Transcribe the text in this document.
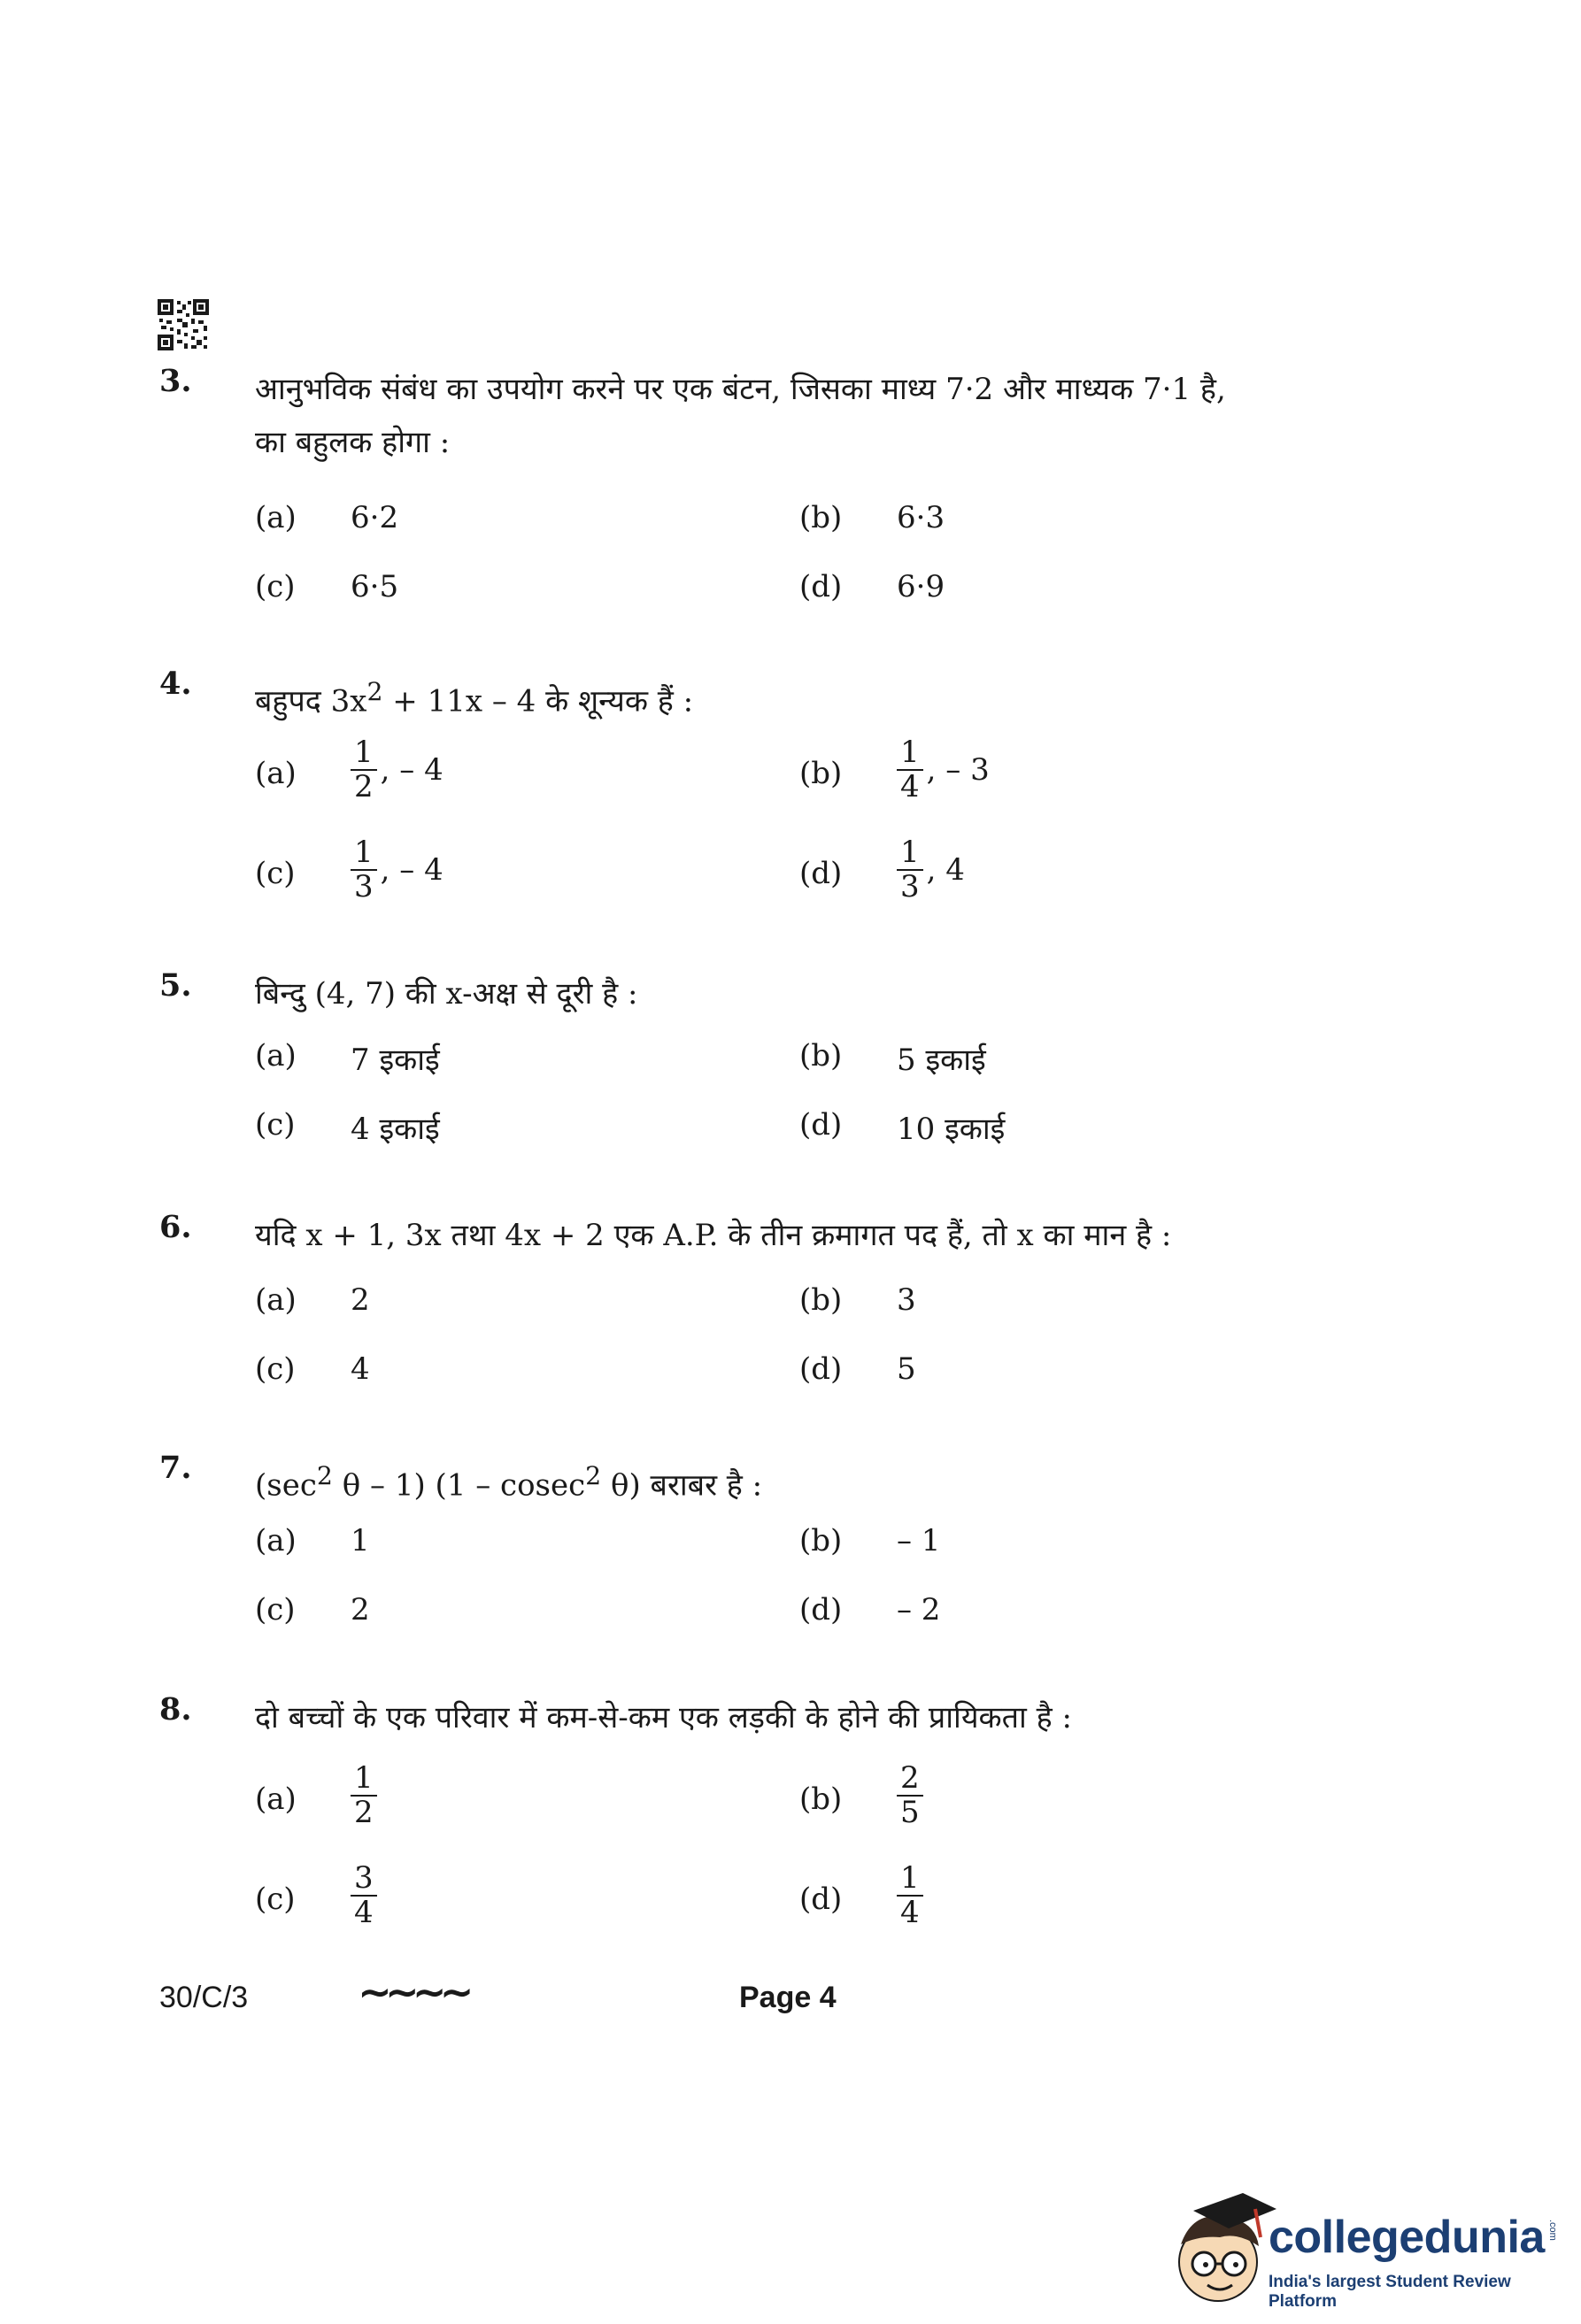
3. आनुभविक संबंध का उपयोग करने पर एक बंटन, जिसका माध्य 7·2 और माध्यक 7·1 है,
का बहुलक होगा :
(a) 6·2	(b) 6·3
(c) 6·5	(d) 6·9
4. बहुपद $3x^2 + 11x - 4$ के शून्यक हैं :
$(a) \frac{1}{2}$ , – 4	$(b) \frac{1}{4}$ , – 3
$(c) \frac{1}{3}$ , – 4	$(d) \frac{1}{3}$ , 4
5. बिन्दु (4, 7) की x-अक्ष से दूरी है :
(a) 7 इकाई	(b) 5 इकाई
(c) 4 इकाई	(d) 10 इकाई
6. यदि x + 1, 3x तथा 4x + 2 एक A.P. के तीन क्रमागत पद हैं, तो x का मान है :
(a) 2	(b) 3
(c) 4	(d) 5
7. ($\sec^2$ θ – 1) (1 – cosec$^2$ θ) बराबर है :
(a) 1	(b) – 1
(c) 2	(d) – 2
8. दो बच्चों के एक परिवार में कम-से-कम एक लड़की के होने की प्रायिकता है :
$(a) \frac{1}{2}$	$(b) \frac{2}{5}$
$(c) \frac{3}{4}$	$(d) \frac{1}{4}$
30/C/3	∼∼∼∼	Page 4
collegedunia .com
India's largest Student Review Platform
